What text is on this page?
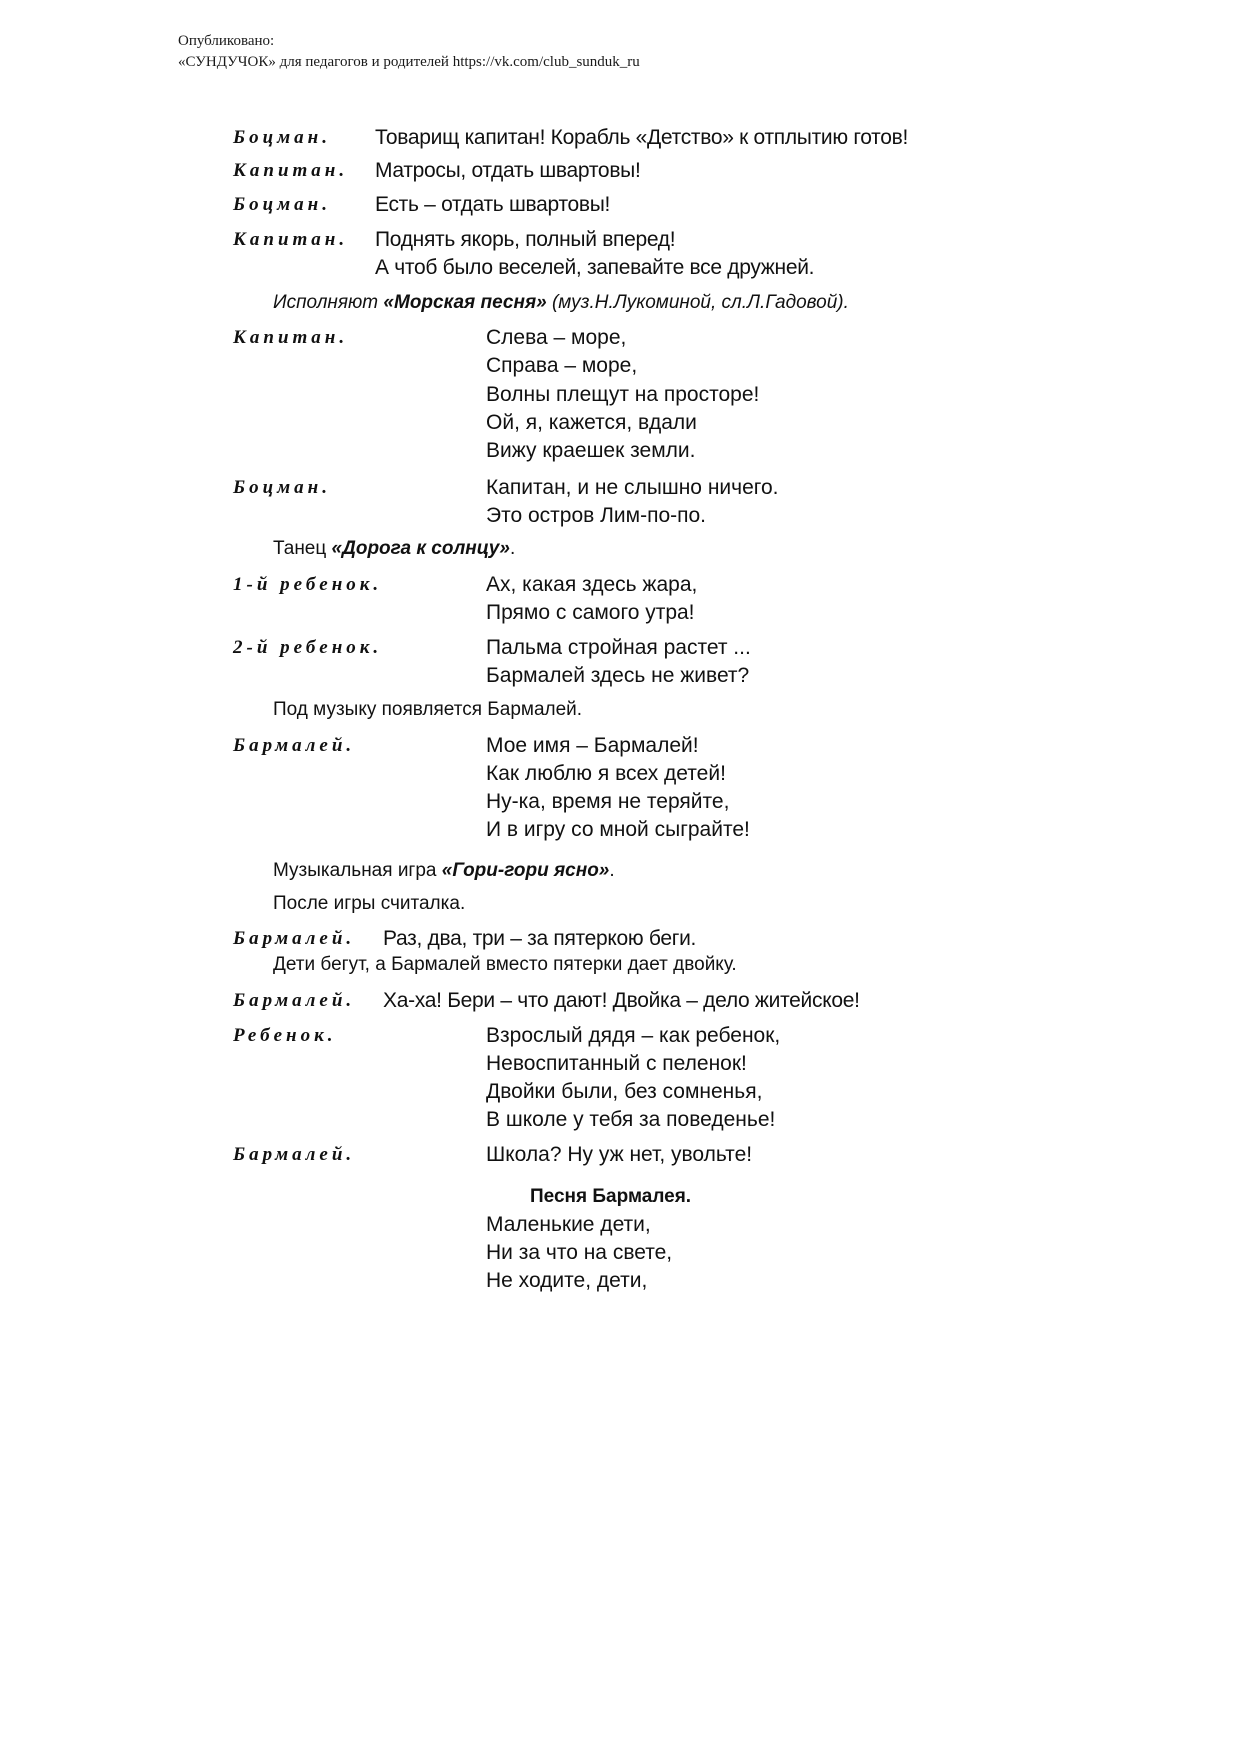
Опубликовано:
«СУНДУЧОК» для педагогов и родителей https://vk.com/club_sunduk_ru
Боцман. Товарищ капитан! Корабль «Детство» к отплытию готов!
Капитан. Матросы, отдать швартовы!
Боцман. Есть – отдать швартовы!
Капитан. Поднять якорь, полный вперед!
А чтоб было веселей, запевайте все дружней.
Исполняют «Морская песня» (муз.Н.Лукоминой, сл.Л.Гадовой).
Капитан.	Слева – море,
Справа – море,
Волны плещут на просторе!
Ой, я, кажется, вдали
Вижу краешек земли.
Боцман.	Капитан, и не слышно ничего.
Это остров Лим-по-по.
Танец «Дорога к солнцу».
1-й ребенок.	Ах, какая здесь жара,
Прямо с самого утра!
2-й ребенок.	Пальма стройная растет ...
Бармалей здесь не живет?
Под музыку появляется Бармалей.
Бармалей.	Мое имя – Бармалей!
Как люблю я всех детей!
Ну-ка, время не теряйте,
И в игру со мной сыграйте!
Музыкальная игра «Гори-гори ясно».
После игры считалка.
Бармалей. Раз, два, три – за пятеркою беги.
Дети бегут, а Бармалей вместо пятерки дает двойку.
Бармалей. Ха-ха! Бери – что дают! Двойка – дело житейское!
Ребенок.	Взрослый дядя – как ребенок,
Невоспитанный с пеленок!
Двойки были, без сомненья,
В школе у тебя за поведенье!
Бармалей.	Школа? Ну уж нет, увольте!
Песня Бармалея.
Маленькие дети,
Ни за что на свете,
Не ходите, дети,
